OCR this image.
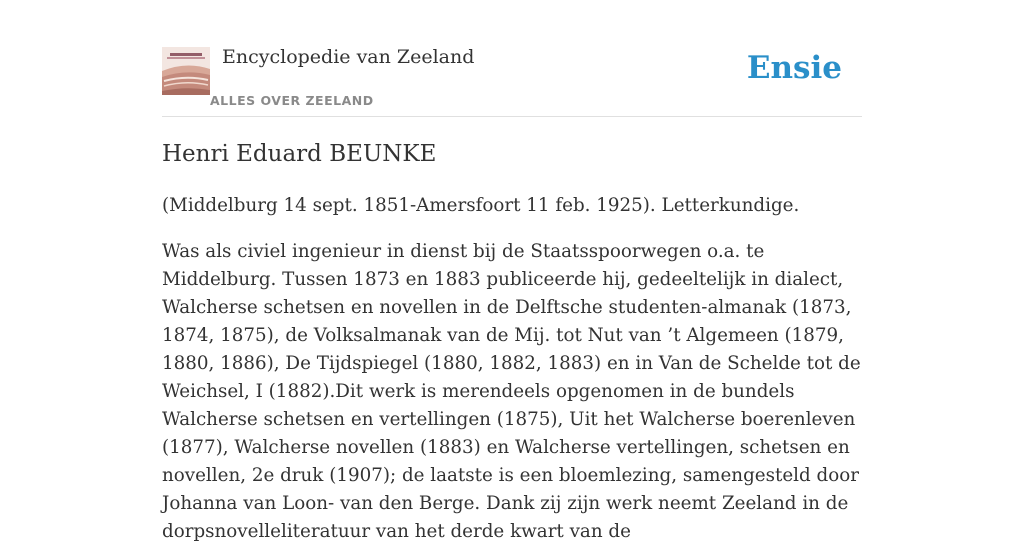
Encyclopedie van Zeeland
ALLES OVER ZEELAND
Ensie
Henri Eduard BEUNKE

(Middelburg 14 sept. 1851-Amersfoort 11 feb. 1925). Letterkundige.

Was als civiel ingenieur in dienst bij de Staatsspoorwegen o.a. te Middelburg. Tussen 1873 en 1883 publiceerde hij, gedeeltelijk in dialect, Walcherse schetsen en novellen in de Delftsche studenten-almanak (1873, 1874, 1875), de Volksalmanak van de Mij. tot Nut van ’t Algemeen (1879, 1880, 1886), De Tijdspiegel (1880, 1882, 1883) en in Van de Schelde tot de Weichsel, I (1882).Dit werk is merendeels opgenomen in de bundels Walcherse schetsen en vertellingen (1875), Uit het Walcherse boerenleven (1877), Walcherse novellen (1883) en Walcherse vertellingen, schetsen en novellen, 2e druk (1907); de laatste is een bloemlezing, samengesteld door Johanna van Loon- van den Berge. Dank zij zijn werk neemt Zeeland in de dorpsnovelleliteratuur van het derde kwart van de
